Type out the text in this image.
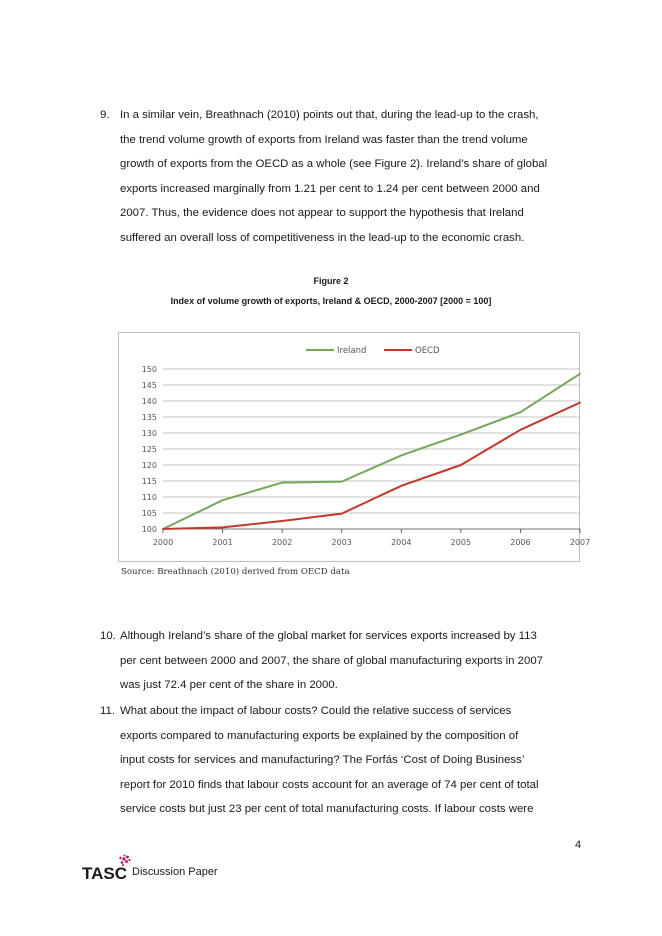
9. In a similar vein, Breathnach (2010) points out that, during the lead-up to the crash,
the trend volume growth of exports from Ireland was faster than the trend volume
growth of exports from the OECD as a whole (see Figure 2). Ireland’s share of global
exports increased marginally from 1.21 per cent to 1.24 per cent between 2000 and
2007. Thus, the evidence does not appear to support the hypothesis that Ireland
suffered an overall loss of competitiveness in the lead-up to the economic crash.
Figure 2
Index of volume growth of exports, Ireland & OECD, 2000-2007 [2000 = 100]
100
105
110
115
120
125
130
135
140
145
150
2000	2001	2002	2003	2004	2005	2006	2007
Ireland	OECD
Source: Breathnach (2010) derived from OECD data
10. Although Ireland’s share of the global market for services exports increased by 113
per cent between 2000 and 2007, the share of global manufacturing exports in 2007
was just 72.4 per cent of the share in 2000.
11. What about the impact of labour costs? Could the relative success of services
exports compared to manufacturing exports be explained by the composition of
input costs for services and manufacturing? The Forfás ‘Cost of Doing Business’
report for 2010 finds that labour costs account for an average of 74 per cent of total
service costs but just 23 per cent of total manufacturing costs. If labour costs were
4
TASC Discussion Paper
